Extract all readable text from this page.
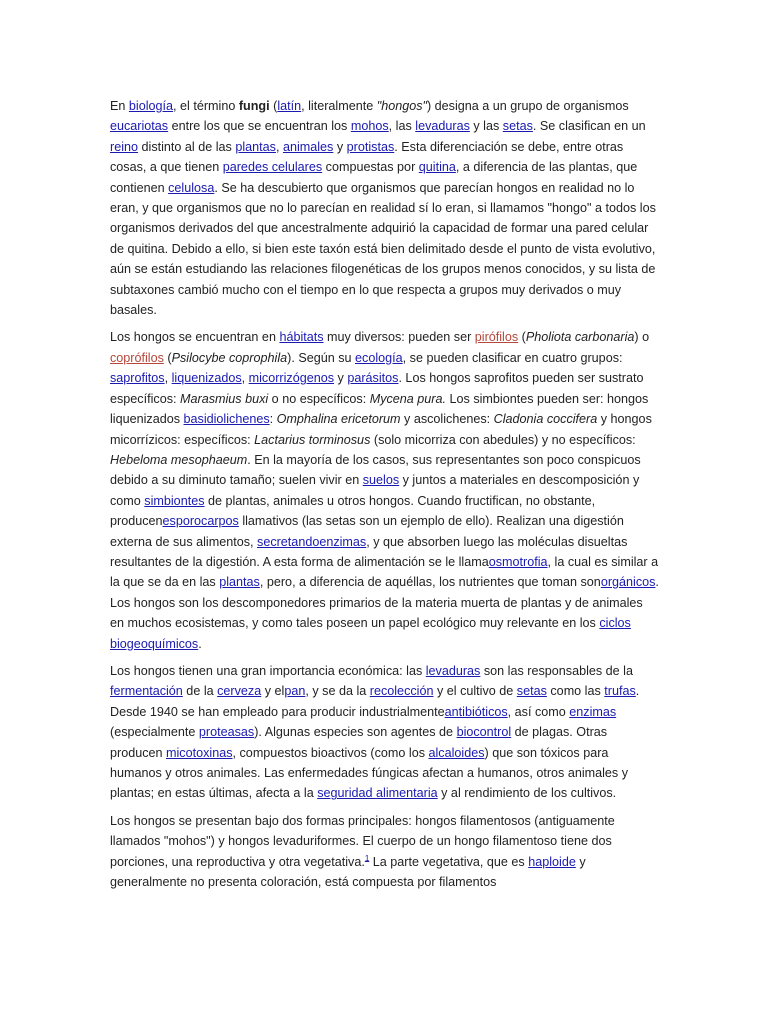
En biología, el término fungi (latín, literalmente "hongos") designa a un grupo de organismos eucariotas entre los que se encuentran los mohos, las levaduras y las setas. Se clasifican en un reino distinto al de las plantas, animales y protistas. Esta diferenciación se debe, entre otras cosas, a que tienen paredes celulares compuestas por quitina, a diferencia de las plantas, que contienen celulosa. Se ha descubierto que organismos que parecían hongos en realidad no lo eran, y que organismos que no lo parecían en realidad sí lo eran, si llamamos "hongo" a todos los organismos derivados del que ancestralmente adquirió la capacidad de formar una pared celular de quitina. Debido a ello, si bien este taxón está bien delimitado desde el punto de vista evolutivo, aún se están estudiando las relaciones filogenéticas de los grupos menos conocidos, y su lista de subtaxones cambió mucho con el tiempo en lo que respecta a grupos muy derivados o muy basales.

Los hongos se encuentran en hábitats muy diversos: pueden ser pirófilos (Pholiota carbonaria) o coprófilos (Psilocybe coprophila). Según su ecología, se pueden clasificar en cuatro grupos: saprofitos, liquenizados, micorrizógenos y parásitos. Los hongos saprofitos pueden ser sustrato específicos: Marasmius buxi o no específicos: Mycena pura. Los simbiontes pueden ser: hongos liquenizados basidiolichenes: Omphalina ericetorum y ascolichenes: Cladonia coccifera y hongos micorrízicos: específicos: Lactarius torminosus (solo micorriza con abedules) y no específicos: Hebeloma mesophaeum. En la mayoría de los casos, sus representantes son poco conspicuos debido a su diminuto tamaño; suelen vivir en suelos y juntos a materiales en descomposición y como simbiontes de plantas, animales u otros hongos. Cuando fructifican, no obstante, producenesporocarpos llamativos (las setas son un ejemplo de ello). Realizan una digestión externa de sus alimentos, secretandoenzimas, y que absorben luego las moléculas disueltas resultantes de la digestión. A esta forma de alimentación se le llamaosmotrofia, la cual es similar a la que se da en las plantas, pero, a diferencia de aquéllas, los nutrientes que toman sonorgánicos. Los hongos son los descomponedores primarios de la materia muerta de plantas y de animales en muchos ecosistemas, y como tales poseen un papel ecológico muy relevante en los ciclos biogeoquímicos.

Los hongos tienen una gran importancia económica: las levaduras son las responsables de la fermentación de la cerveza y elpan, y se da la recolección y el cultivo de setas como las trufas. Desde 1940 se han empleado para producir industrialmenteantibióticos, así como enzimas (especialmente proteasas). Algunas especies son agentes de biocontrol de plagas. Otras producen micotoxinas, compuestos bioactivos (como los alcaloides) que son tóxicos para humanos y otros animales. Las enfermedades fúngicas afectan a humanos, otros animales y plantas; en estas últimas, afecta a la seguridad alimentaria y al rendimiento de los cultivos.

Los hongos se presentan bajo dos formas principales: hongos filamentosos (antiguamente llamados "mohos") y hongos levaduriformes. El cuerpo de un hongo filamentoso tiene dos porciones, una reproductiva y otra vegetativa.$^1$ La parte vegetativa, que es haploide y generalmente no presenta coloración, está compuesta por filamentos
